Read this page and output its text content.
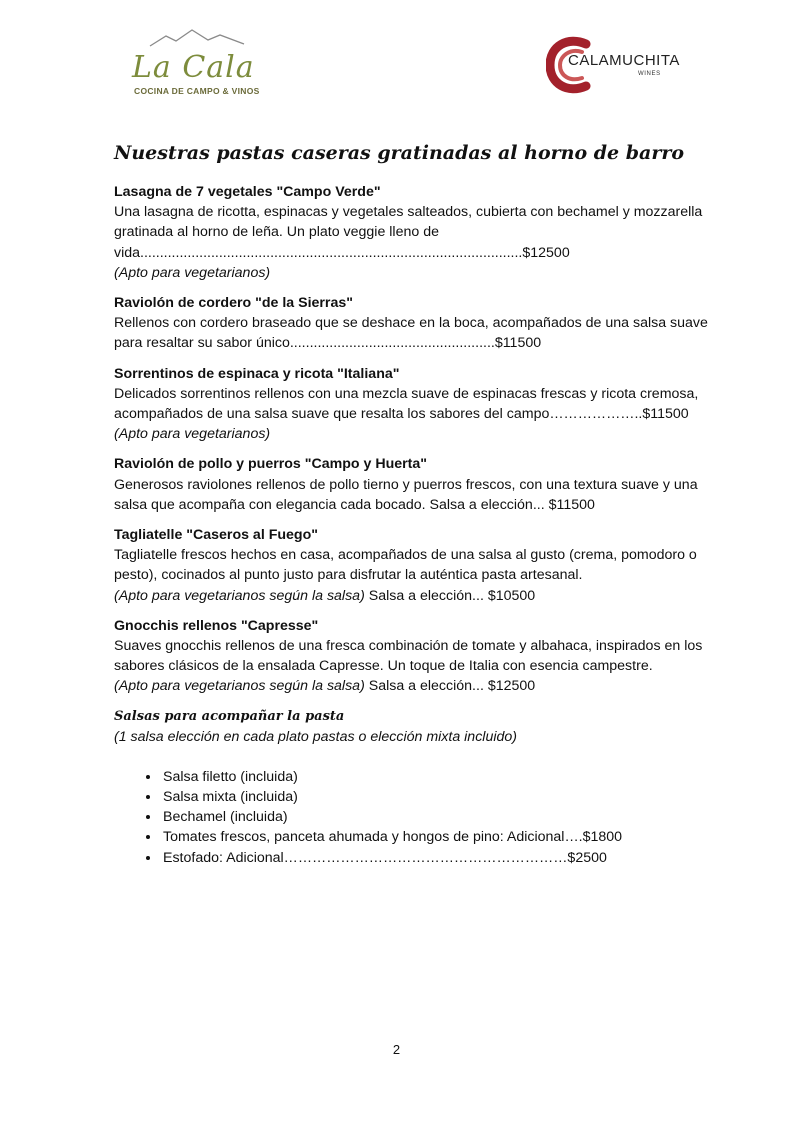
La Cala
COCINA DE CAMPO & VINOS
CALAMUCHITA
WINES
Nuestras pastas caseras gratinadas al horno de barro
Lasagna de 7 vegetales "Campo Verde"
Una lasagna de ricotta, espinacas y vegetales salteados, cubierta con bechamel y mozzarella gratinada al horno de leña. Un plato veggie lleno de vida.................................................................................................$12500
(Apto para vegetarianos)
Raviolón de cordero "de la Sierras"
Rellenos con cordero braseado que se deshace en la boca, acompañados de una salsa suave para resaltar su sabor único....................................................$11500
Sorrentinos de espinaca y ricota "Italiana"
Delicados sorrentinos rellenos con una mezcla suave de espinacas frescas y ricota cremosa, acompañados de una salsa suave que resalta los sabores del campo………………..$11500
(Apto para vegetarianos)
Raviolón de pollo y puerros "Campo y Huerta"
Generosos raviolones rellenos de pollo tierno y puerros frescos, con una textura suave y una salsa que acompaña con elegancia cada bocado. Salsa a elección... $11500
Tagliatelle "Caseros al Fuego"
Tagliatelle frescos hechos en casa, acompañados de una salsa al gusto (crema, pomodoro o pesto), cocinados al punto justo para disfrutar la auténtica pasta artesanal.
(Apto para vegetarianos según la salsa) Salsa a elección... $10500
Gnocchis rellenos "Capresse"
Suaves gnocchis rellenos de una fresca combinación de tomate y albahaca, inspirados en los sabores clásicos de la ensalada Capresse. Un toque de Italia con esencia campestre.
(Apto para vegetarianos según la salsa) Salsa a elección... $12500
Salsas para acompañar la pasta
(1 salsa elección en cada plato pastas o elección mixta incluido)
• Salsa filetto (incluida)
• Salsa mixta (incluida)
• Bechamel (incluida)
• Tomates frescos, panceta ahumada y hongos de pino: Adicional….$1800
• Estofado: Adicional……………………………………………………$2500
2
